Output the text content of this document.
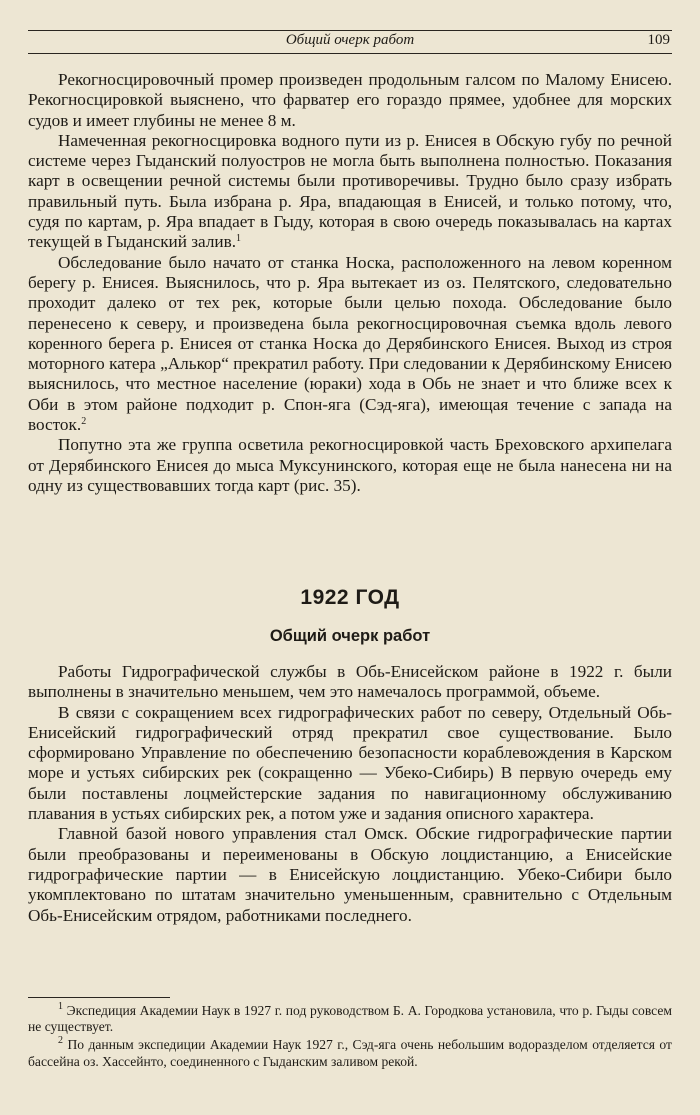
Общий очерк работ	109

Рекогносцировочный промер произведен продольным галсом по Малому Енисею. Рекогносцировкой выяснено, что фарватер его гораздо прямее, удобнее для морских судов и имеет глубины не менее 8 м.

Намеченная рекогносцировка водного пути из р. Енисея в Обскую губу по речной системе через Гыданский полуостров не могла быть выполнена полностью. Показания карт в освещении речной системы были противоречивы. Трудно было сразу избрать правильный путь. Была избрана р. Яра, впадающая в Енисей, и только потому, что, судя по картам, р. Яра впадает в Гыду, которая в свою очередь показывалась на картах текущей в Гыданский залив.$^1$

Обследование было начато от станка Носка, расположенного на левом коренном берегу р. Енисея. Выяснилось, что р. Яра вытекает из оз. Пелятского, следовательно проходит далеко от тех рек, которые были целью похода. Обследование было перенесено к северу, и произведена была рекогносцировочная съемка вдоль левого коренного берега р. Енисея от станка Носка до Дерябинского Енисея. Выход из строя моторного катера „Алькор“ прекратил работу. При следовании к Дерябинскому Енисею выяснилось, что местное население (юраки) хода в Обь не знает и что ближе всех к Оби в этом районе подходит р. Спон-яга (Сэд-яга), имеющая течение с запада на восток.$^2$

Попутно эта же группа осветила рекогносцировкой часть Бреховского архипелага от Дерябинского Енисея до мыса Муксунинского, которая еще не была нанесена ни на одну из существовавших тогда карт (рис. 35).

1922 ГОД
Общий очерк работ

Работы Гидрографической службы в Обь-Енисейском районе в 1922 г. были выполнены в значительно меньшем, чем это намечалось программой, объеме.

В связи с сокращением всех гидрографических работ по северу, Отдельный Обь-Енисейский гидрографический отряд прекратил свое существование. Было сформировано Управление по обеспечению безопасности кораблевождения в Карском море и устьях сибирских рек (сокращенно — Убеко-Сибирь) В первую очередь ему были поставлены лоцмейстерские задания по навигационному обслуживанию плавания в устьях сибирских рек, а потом уже и задания описного характера.

Главной базой нового управления стал Омск. Обские гидрографические партии были преобразованы и переименованы в Обскую лоцдистанцию, а Енисейские гидрографические партии — в Енисейскую лоцдистанцию. Убеко-Сибири было укомплектовано по штатам значительно уменьшенным, сравнительно с Отдельным Обь-Енисейским отрядом, работниками последнего.

$^1$ Экспедиция Академии Наук в 1927 г. под руководством Б. А. Городкова установила, что р. Гыды совсем не существует.

$^2$ По данным экспедиции Академии Наук 1927 г., Сэд-яга очень небольшим водоразделом отделяется от бассейна оз. Хассейнто, соединенного с Гыданским заливом рекой.
